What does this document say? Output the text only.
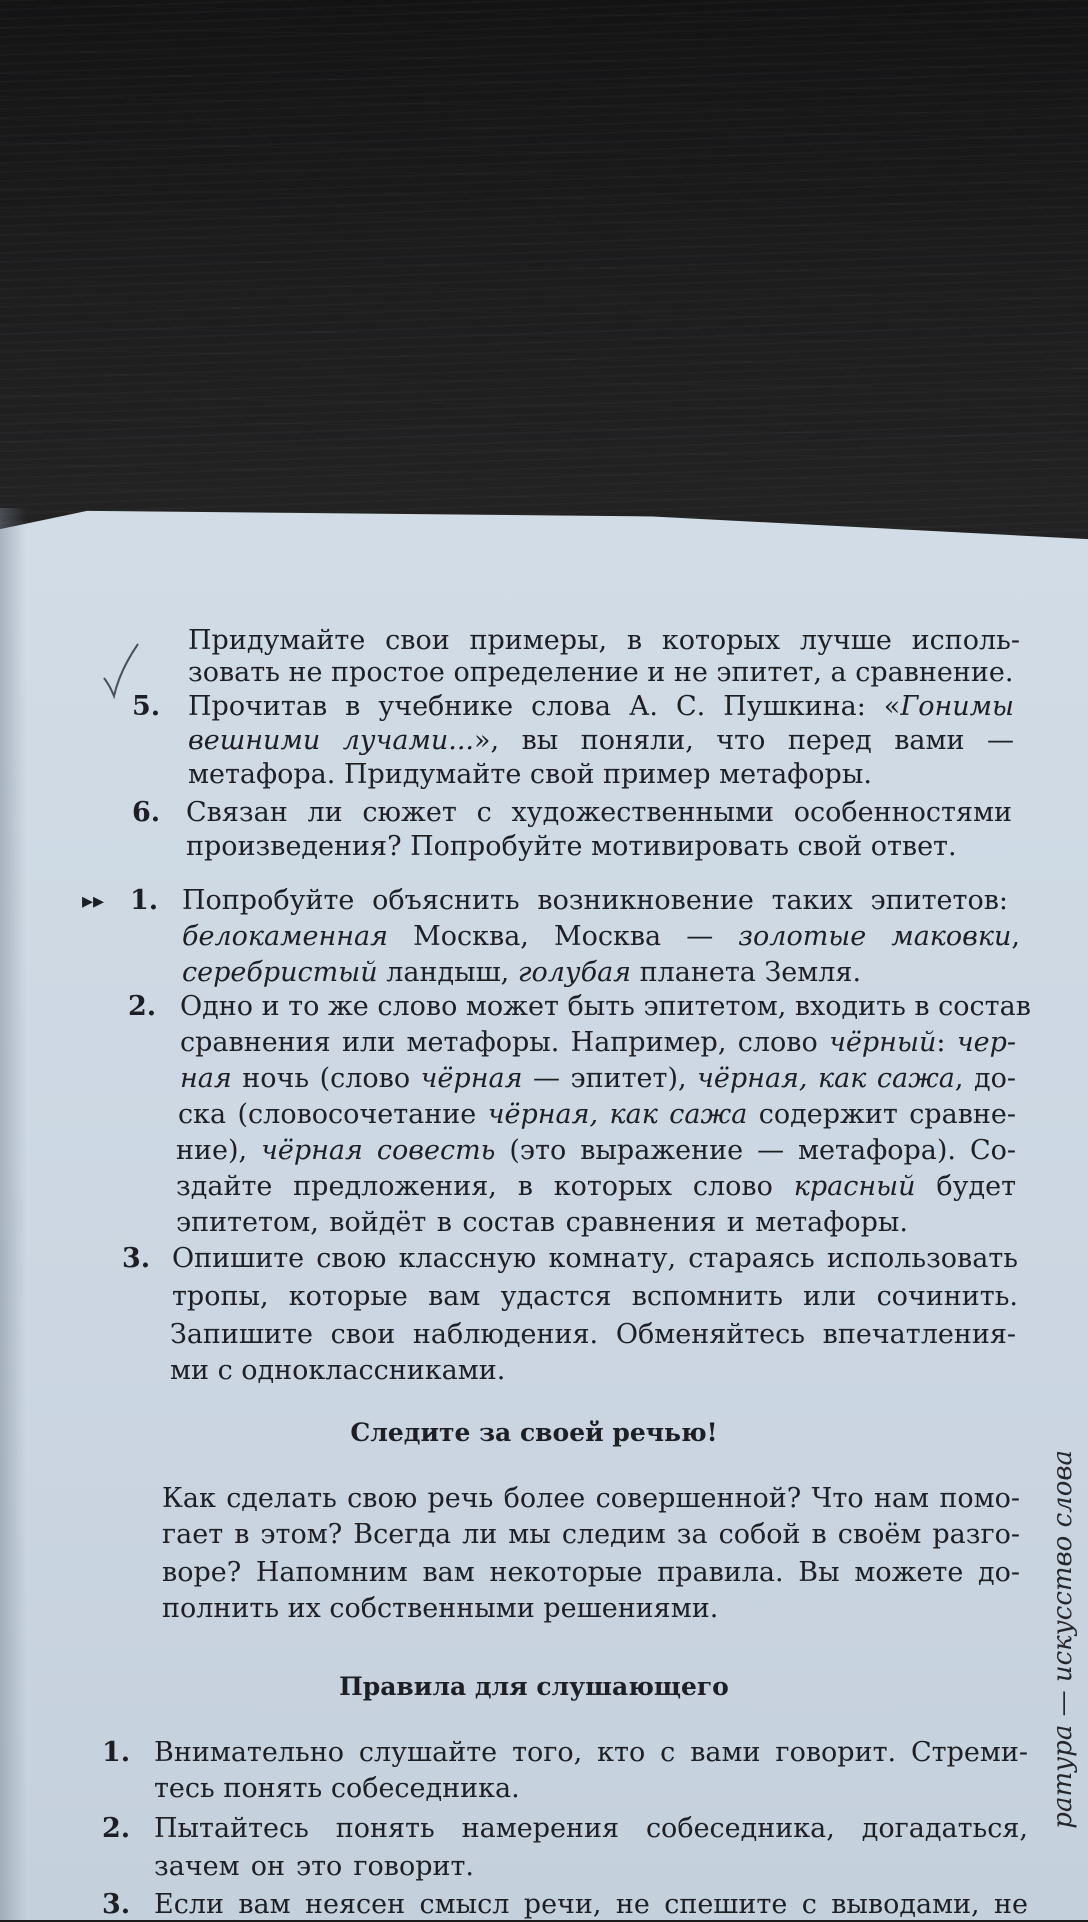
Придумайте свои примеры, в которых лучше исполь-
зовать не простое определение и не эпитет, а сравнение.
5. Прочитав в учебнике слова А. С. Пушкина: «Гонимы
вешними лучами...», вы поняли, что перед вами —
метафора. Придумайте свой пример метафоры.
6. Связан ли сюжет с художественными особенностями
произведения? Попробуйте мотивировать свой ответ.
▸▸ 1. Попробуйте объяснить возникновение таких эпитетов:
белокаменная Москва, Москва — золотые маковки,
серебристый ландыш, голубая планета Земля.
2. Одно и то же слово может быть эпитетом, входить в состав
сравнения или метафоры. Например, слово чёрный: чер-
ная ночь (слово чёрная — эпитет), чёрная, как сажа, до-
ска (словосочетание чёрная, как сажа содержит сравне-
ние), чёрная совесть (это выражение — метафора). Со-
здайте предложения, в которых слово красный будет
эпитетом, войдёт в состав сравнения и метафоры.
3. Опишите свою классную комнату, стараясь использовать
тропы, которые вам удастся вспомнить или сочинить.
Запишите свои наблюдения. Обменяйтесь впечатления-
ми с одноклассниками.
Следите за своей речью!
Как сделать свою речь более совершенной? Что нам помо-
гает в этом? Всегда ли мы следим за собой в своём разго-
воре? Напомним вам некоторые правила. Вы можете до-
полнить их собственными решениями.
Правила для слушающего
1. Внимательно слушайте того, кто с вами говорит. Стреми-
тесь понять собеседника.
2. Пытайтесь понять намерения собеседника, догадаться,
зачем он это говорит.
3. Если вам неясен смысл речи, не спешите с выводами, не
ратура — искусство слова
